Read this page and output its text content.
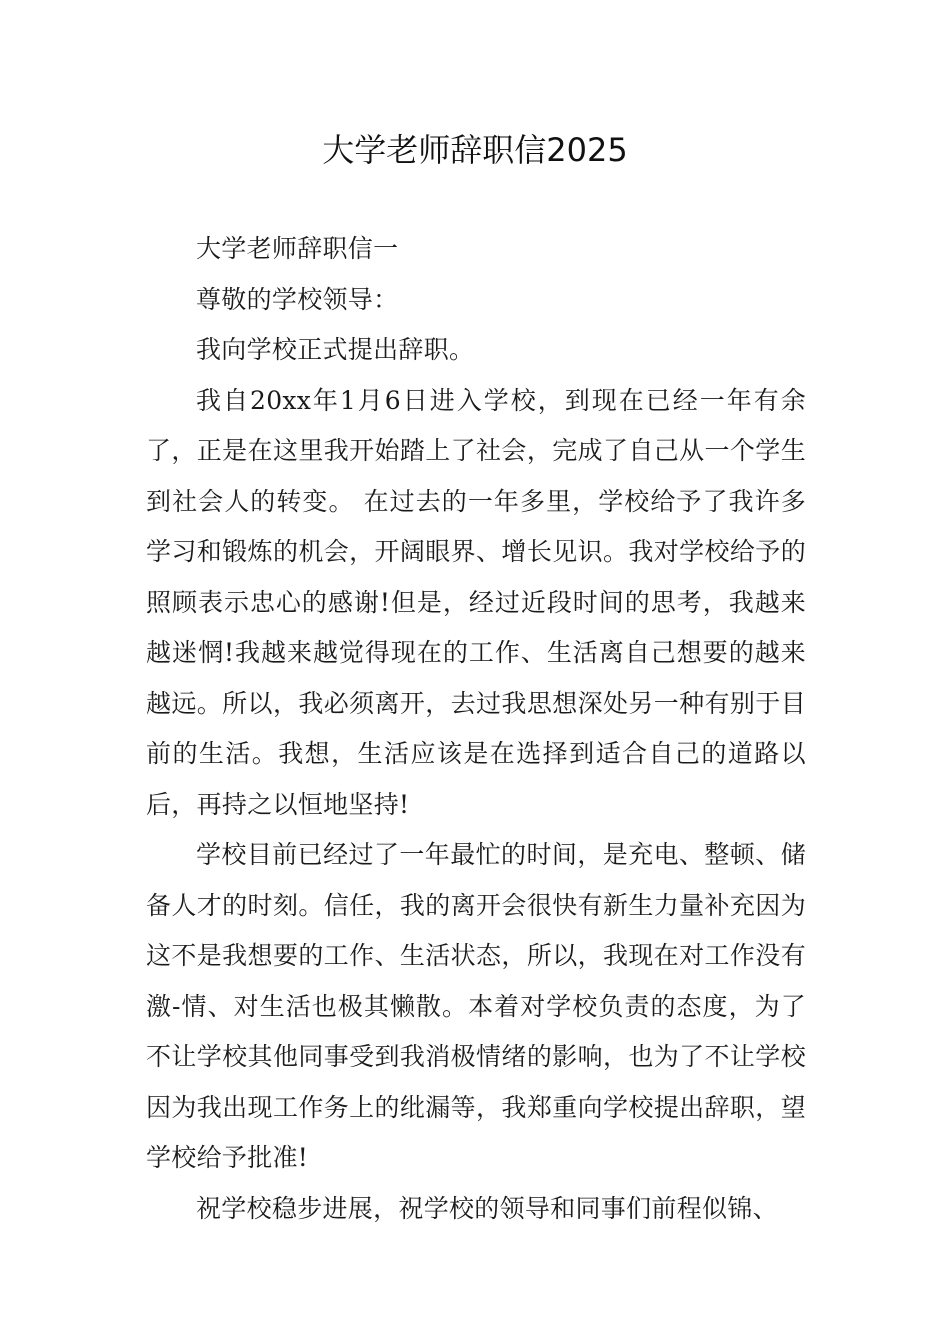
大学老师辞职信2025

大学老师辞职信一

尊敬的学校领导：

我向学校正式提出辞职。

我自20xx年1月6日进入学校，到现在已经一年有余了，正是在这里我开始踏上了社会，完成了自己从一个学生到社会人的转变。 在过去的一年多里，学校给予了我许多学习和锻炼的机会，开阔眼界、增长见识。我对学校给予的照顾表示忠心的感谢!但是，经过近段时间的思考，我越来越迷惘!我越来越觉得现在的工作、生活离自己想要的越来越远。所以，我必须离开，去过我思想深处另一种有别于目前的生活。我想，生活应该是在选择到适合自己的道路以后，再持之以恒地坚持!

学校目前已经过了一年最忙的时间，是充电、整顿、储备人才的时刻。信任，我的离开会很快有新生力量补充因为这不是我想要的工作、生活状态，所以，我现在对工作没有激-情、对生活也极其懒散。本着对学校负责的态度，为了不让学校其他同事受到我消极情绪的影响，也为了不让学校因为我出现工作务上的纰漏等，我郑重向学校提出辞职，望学校给予批准!

祝学校稳步进展，祝学校的领导和同事们前程似锦、
